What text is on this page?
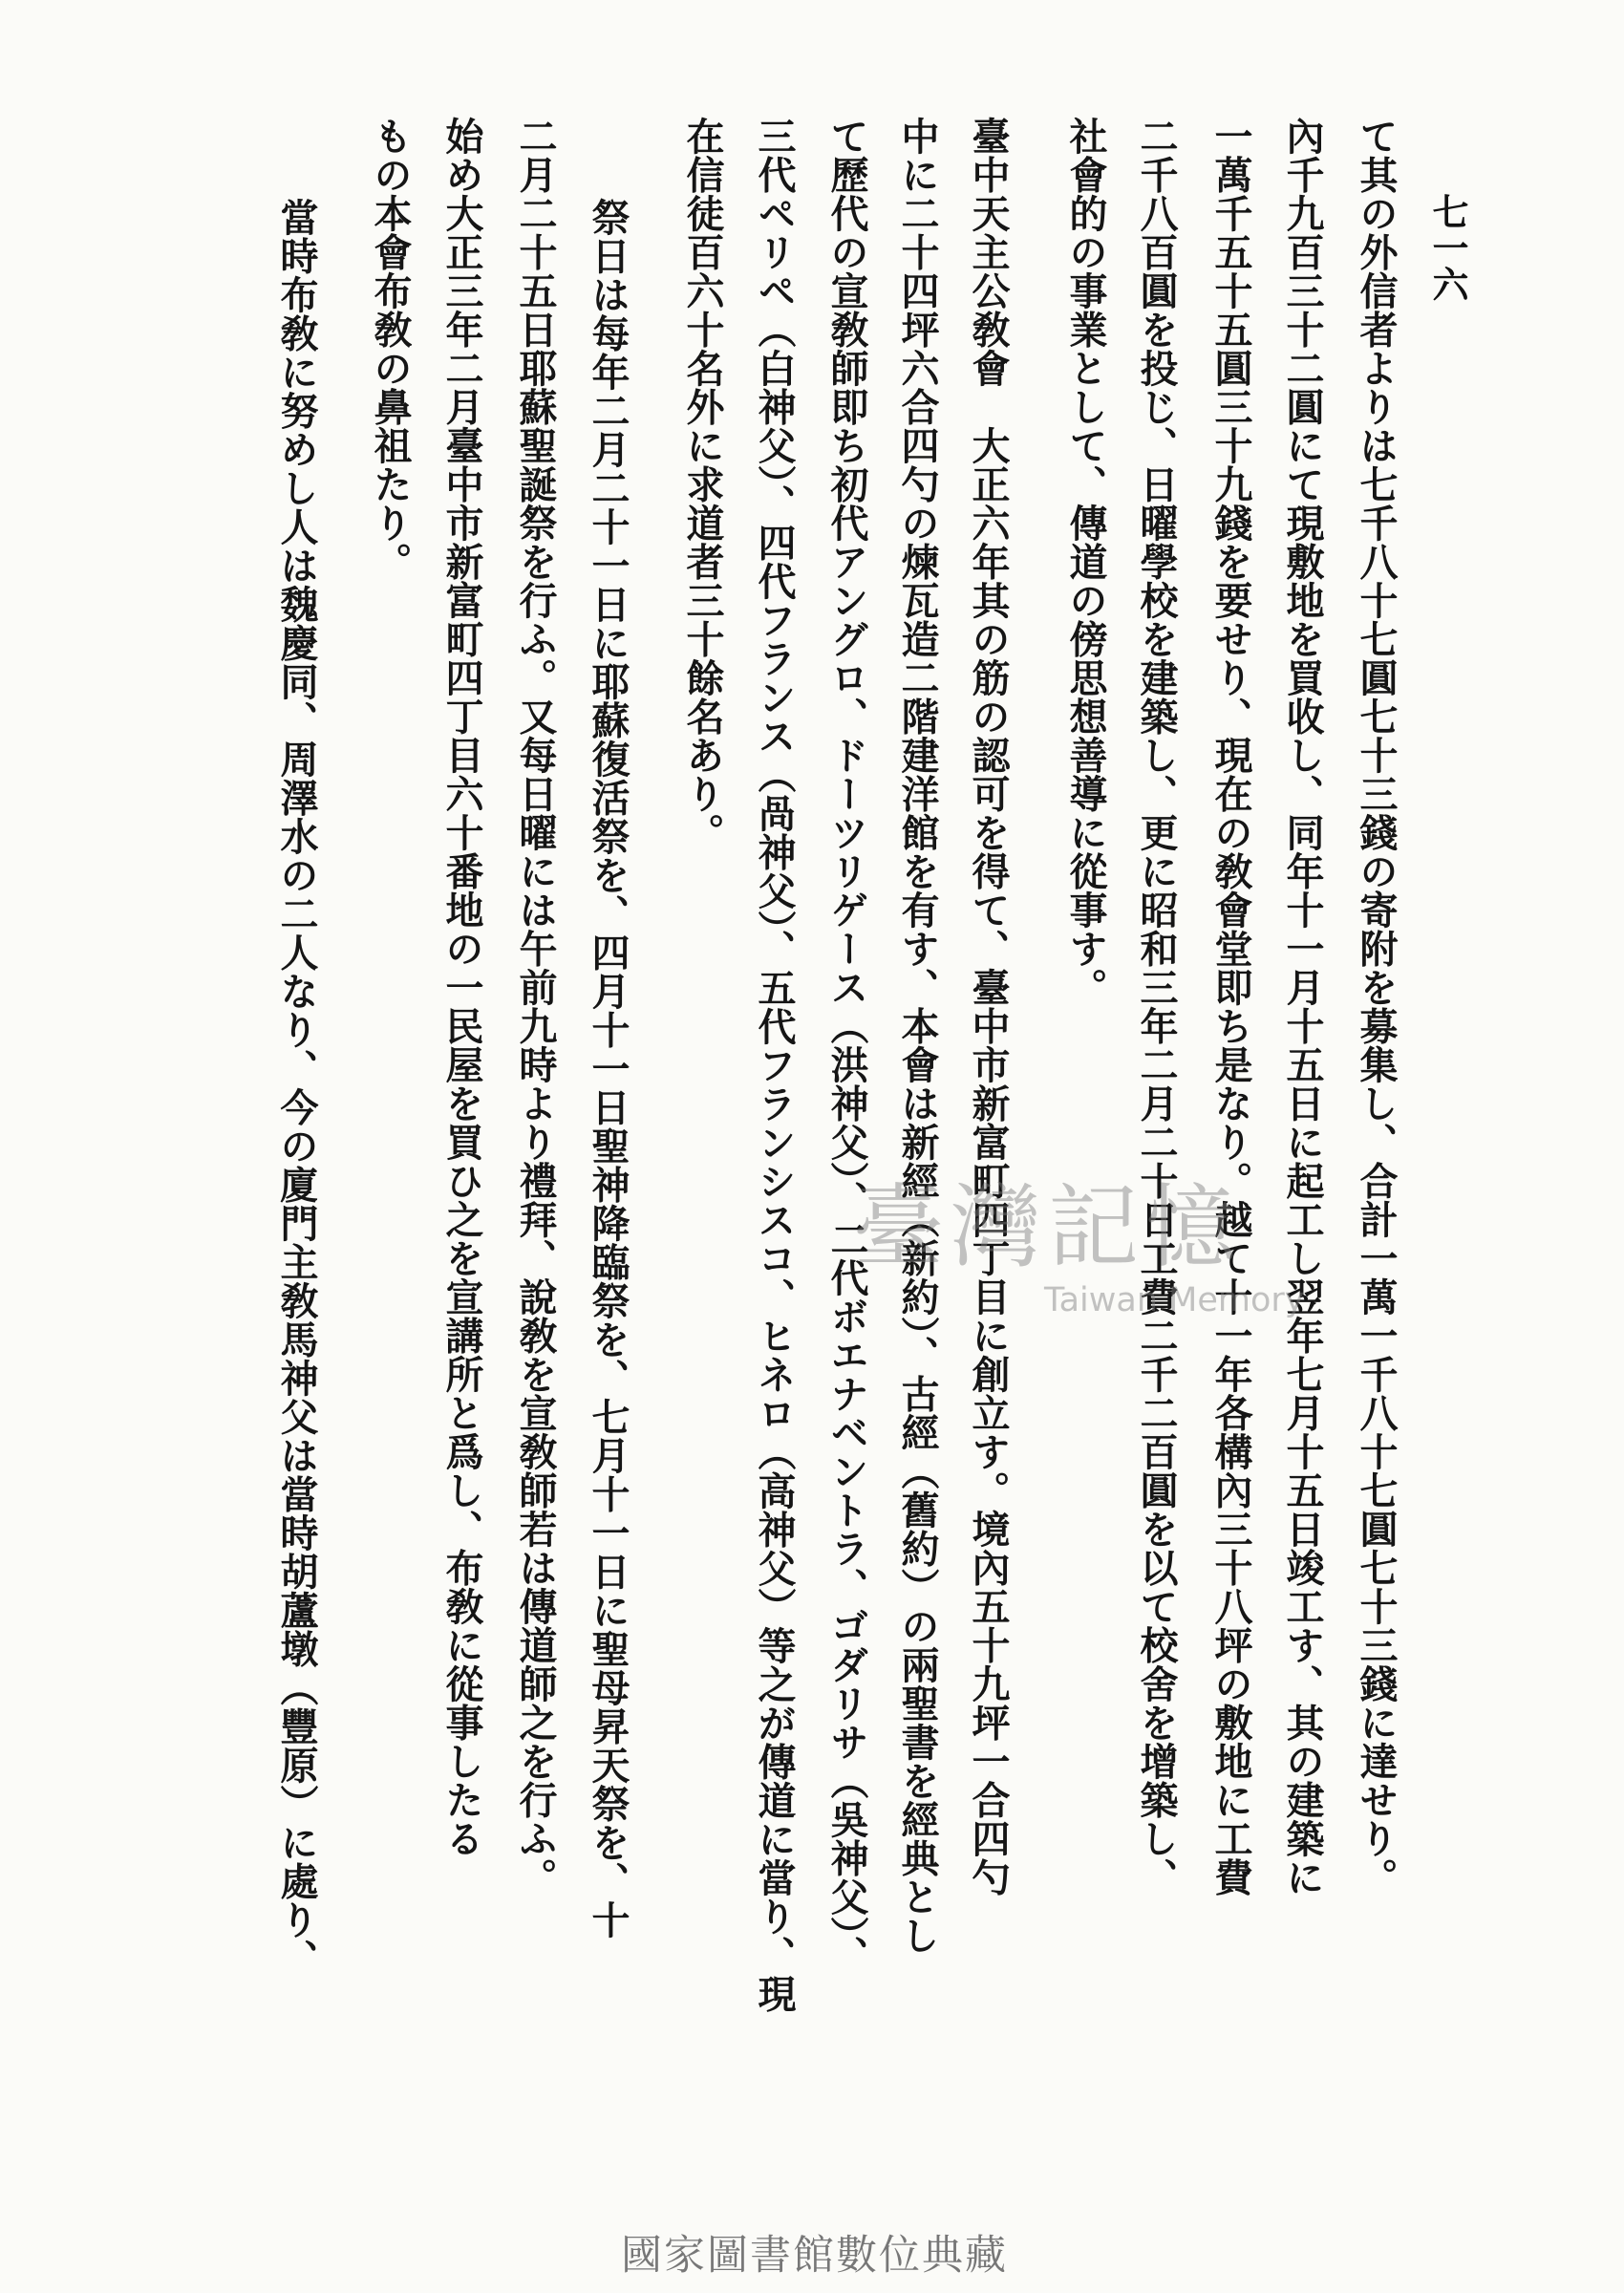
七一六
て其の外信者よりは七千八十七圓七十三錢の寄附を募集し、合計一萬一千八十七圓七十三錢に達せり。
內千九百三十二圓にて現敷地を買收し、同年十一月十五日に起工し翌年七月十五日竣工す、其の建築に
一萬千五十五圓三十九錢を要せり、現在の敎會堂即ち是なり。越て十一年各構內三十八坪の敷地に工費
二千八百圓を投じ、日曜學校を建築し、更に昭和三年二月二十日工費二千二百圓を以て校舍を增築し、
社會的の事業として、傳道の傍思想善導に從事す。
臺中天主公敎會　大正六年其の筋の認可を得て、臺中市新富町四丁目に創立す。境內五十九坪一合四勺
中に二十四坪六合四勺の煉瓦造二階建洋館を有す、本會は新經（新約）、古經（舊約）の兩聖書を經典とし
て歷代の宣敎師即ち初代アングロ、ドーツリゲース（洪神父）、二代ボエナベントラ、ゴダリサ（吳神父）、
三代ペリペ（白神父）、四代フランス（咼神父）、五代フランシスコ、ヒネロ（高神父）等之が傳道に當り、現
在信徒百六十名外に求道者三十餘名あり。
祭日は每年二月二十一日に耶蘇復活祭を、四月十一日聖神降臨祭を、七月十一日に聖母昇天祭を、十
二月二十五日耶蘇聖誕祭を行ふ。又每日曜には午前九時より禮拜、說敎を宣敎師若は傳道師之を行ふ。
始め大正三年二月臺中市新富町四丁目六十番地の一民屋を買ひ之を宣講所と爲し、布敎に從事したる
もの本會布敎の鼻祖たり。
當時布敎に努めし人は魏慶同、周澤水の二人なり、今の廈門主敎馬神父は當時胡蘆墩（豐原）に處り、	臺灣記憶
Taiwan Memory
國家圖書館數位典藏
